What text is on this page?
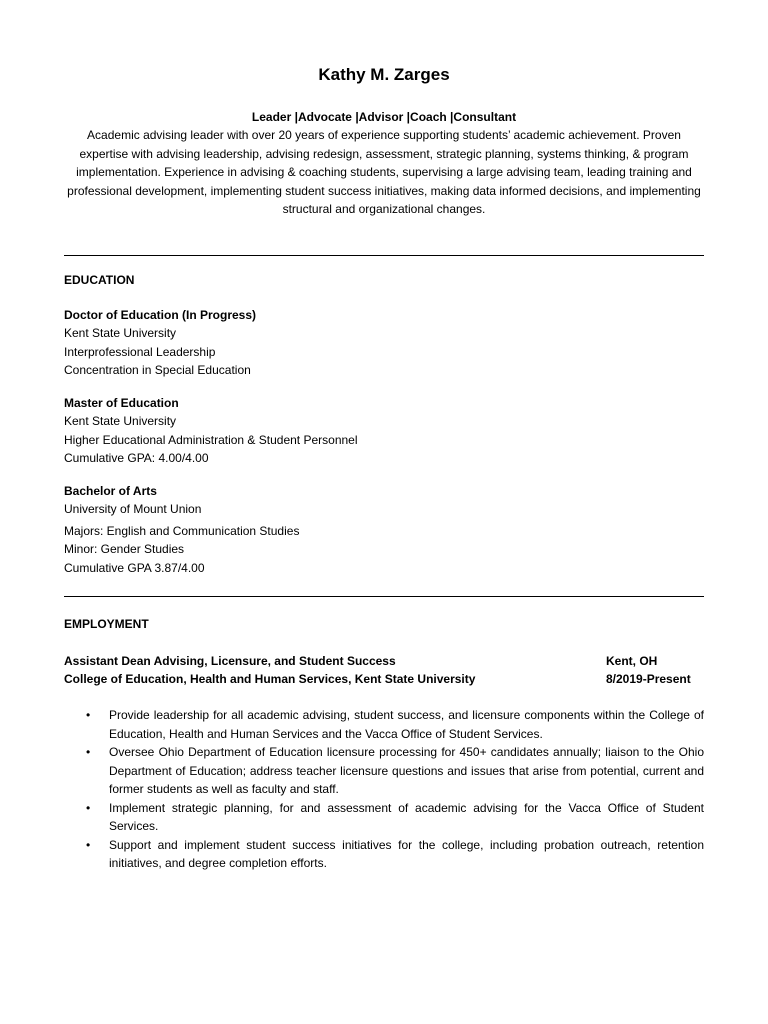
Kathy M. Zarges
Leader |Advocate |Advisor |Coach |Consultant
Academic advising leader with over 20 years of experience supporting students’ academic achievement. Proven expertise with advising leadership, advising redesign, assessment, strategic planning, systems thinking, & program implementation. Experience in advising & coaching students, supervising a large advising team, leading training and professional development, implementing student success initiatives, making data informed decisions, and implementing structural and organizational changes.
EDUCATION
Doctor of Education (In Progress)
Kent State University
Interprofessional Leadership
Concentration in Special Education
Master of Education
Kent State University
Higher Educational Administration & Student Personnel
Cumulative GPA: 4.00/4.00
Bachelor of Arts
University of Mount Union
Majors: English and Communication Studies
Minor: Gender Studies
Cumulative GPA 3.87/4.00
EMPLOYMENT
Assistant Dean Advising, Licensure, and Student Success	Kent, OH
College of Education, Health and Human Services, Kent State University	8/2019-Present
• Provide leadership for all academic advising, student success, and licensure components within the College of Education, Health and Human Services and the Vacca Office of Student Services.
• Oversee Ohio Department of Education licensure processing for 450+ candidates annually; liaison to the Ohio Department of Education; address teacher licensure questions and issues that arise from potential, current and former students as well as faculty and staff.
• Implement strategic planning, for and assessment of academic advising for the Vacca Office of Student Services.
• Support and implement student success initiatives for the college, including probation outreach, retention initiatives, and degree completion efforts.
